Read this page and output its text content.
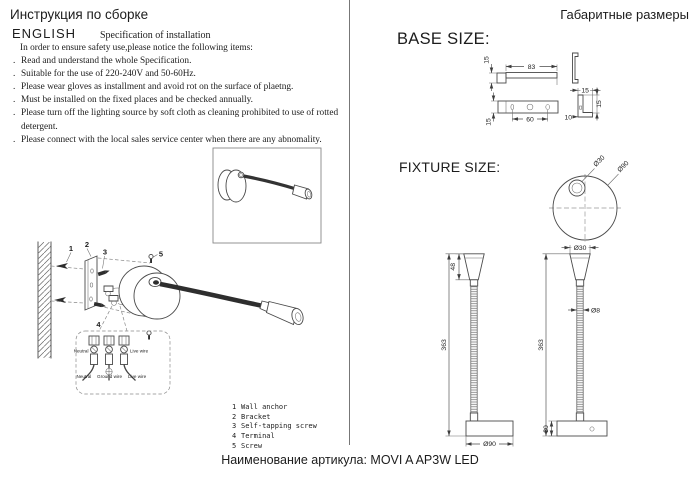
1 2
3	5
4
Neutral	Live wire
Neutral Ground wire Live wire
83
15
15	60
15
15
10
Ø30 Ø90
48
363
Ø90
Ø30
363
Ø8
30
Инструкция по сборке	Габаритные размеры
ENGLISH Specification of installation
In order to ensure safety use,please notice the following items:
. Read and understand the whole Specification.
. Suitable for the use of 220-240V and 50-60Hz.
. Please wear gloves as installment and avoid rot on the surface of plaetng.
. Must be installed on the fixed places and be checked annually.
. Please turn off the lighting source by soft cloth as cleaning prohibited to use of rotted detergent.
. Please connect with the local sales service center when there are any abnomality.
BASE SIZE:
FIXTURE SIZE:
1 Wall anchor
2 Bracket
3 Self-tapping screw
4 Terminal
5 Screw
Наименование артикула: MOVI A AP3W LED
